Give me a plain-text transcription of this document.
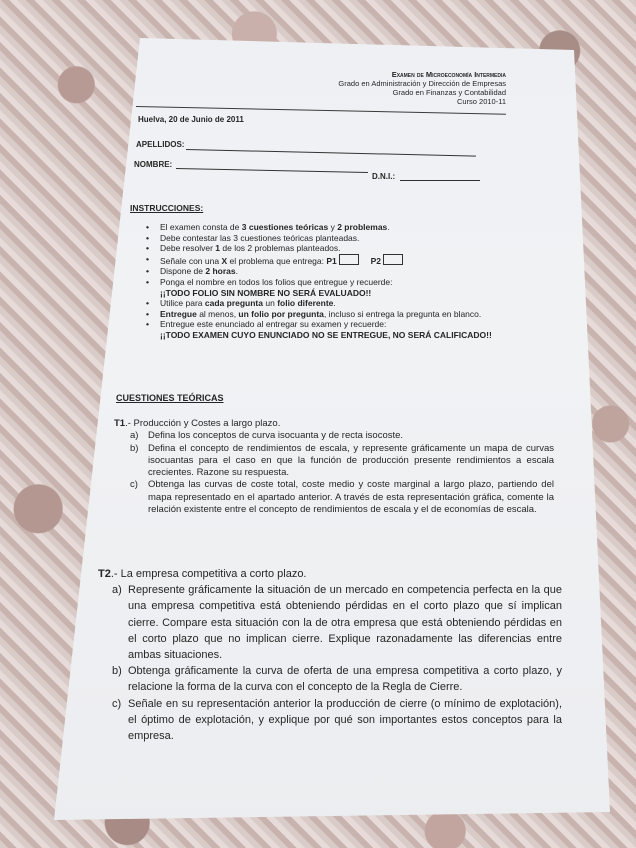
Examen de Microeconomía Intermedia
Grado en Administración y Dirección de Empresas
Grado en Finanzas y Contabilidad
Curso 2010-11
Huelva, 20 de Junio de 2011
APELLIDOS:
NOMBRE:
D.N.I.:
INSTRUCCIONES:
• El examen consta de 3 cuestiones teóricas y 2 problemas.
• Debe contestar las 3 cuestiones teóricas planteadas.
• Debe resolver 1 de los 2 problemas planteados.
• Señale con una X el problema que entrega: P1	P2
• Dispone de 2 horas.
• Ponga el nombre en todos los folios que entregue y recuerde:
¡¡TODO FOLIO SIN NOMBRE NO SERÁ EVALUADO!!
• Utilice para cada pregunta un folio diferente.
• Entregue al menos, un folio por pregunta, incluso si entrega la pregunta en blanco.
• Entregue este enunciado al entregar su examen y recuerde:
¡¡TODO EXAMEN CUYO ENUNCIADO NO SE ENTREGUE, NO SERÁ CALIFICADO!!
CUESTIONES TEÓRICAS
T1.- Producción y Costes a largo plazo.
a) Defina los conceptos de curva isocuanta y de recta isocoste.
b) Defina el concepto de rendimientos de escala, y represente gráficamente un mapa de curvas isocuantas para el caso en que la función de producción presente rendimientos a escala crecientes. Razone su respuesta.
c) Obtenga las curvas de coste total, coste medio y coste marginal a largo plazo, partiendo del mapa representado en el apartado anterior. A través de esta representación gráfica, comente la relación existente entre el concepto de rendimientos de escala y el de economías de escala.
T2.- La empresa competitiva a corto plazo.
a) Represente gráficamente la situación de un mercado en competencia perfecta en la que una empresa competitiva está obteniendo pérdidas en el corto plazo que sí implican cierre. Compare esta situación con la de otra empresa que está obteniendo pérdidas en el corto plazo que no implican cierre. Explique razonadamente las diferencias entre ambas situaciones.
b) Obtenga gráficamente la curva de oferta de una empresa competitiva a corto plazo, y relacione la forma de la curva con el concepto de la Regla de Cierre.
c) Señale en su representación anterior la producción de cierre (o mínimo de explotación), el óptimo de explotación, y explique por qué son importantes estos conceptos para la empresa.
